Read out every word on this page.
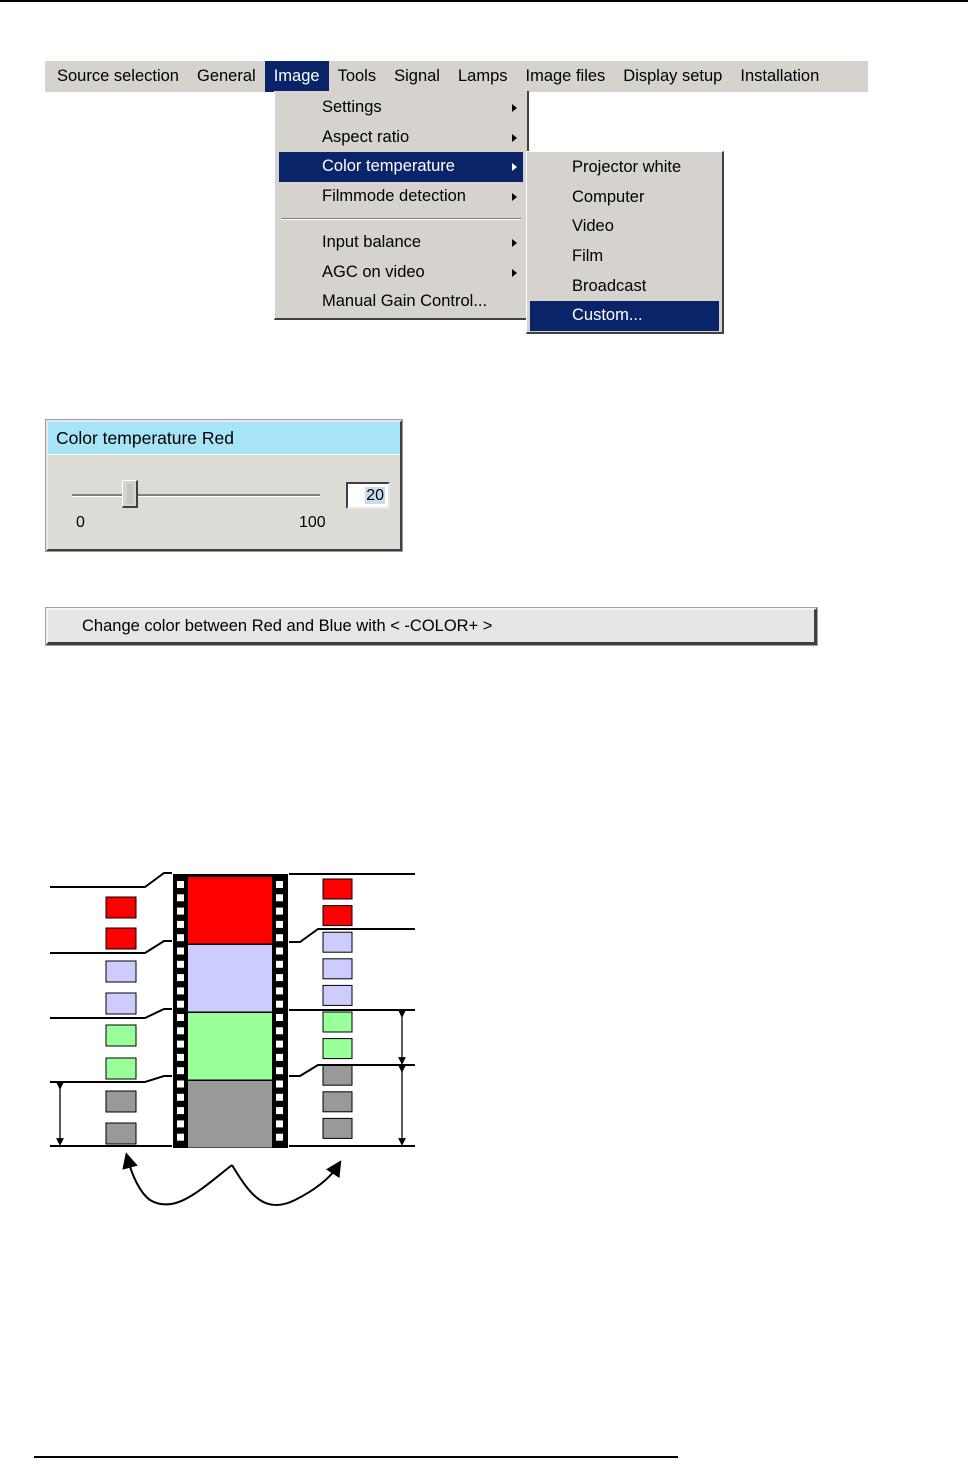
Source selection	General	Image	Tools	Signal	Lamps	Image files	Display setup	Installation
Settings
Aspect ratio
Color temperature
Filmmode detection
Input balance
AGC on video
Manual Gain Control...
Projector white
Computer
Video
Film
Broadcast
Custom...
Color temperature Red
0	100
20
Change color between Red and Blue with < -COLOR+ >
